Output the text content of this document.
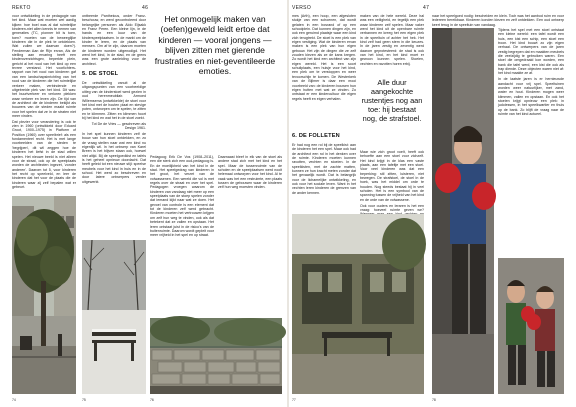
REKTO	46	VERSO	47

voor ontwikkeling in de pedagogie van het kind. Maar wat moeten wel aardig kijken: hoe boel was al dat ruimtelijke kinderen-niet allen kennis te nemen van generaties (TC, pionner bit is toen, toen? moeten van de beweeglijke kinderen die in de plek te ontdekken. Wat zullen we daarvan doen?). Fenderman Aan de Rijn ervan, Als de stelling aan ervaring heeft een kinderoverzichtsgev, beperkte plein, gericht al het rood van het kind op een tevree verstand. Het voorlichters-rapport van het rood van kinderen gaf van een landschapsinrichting van het rood van de kinderen die het ruimtelijke verkeer maken, verbindende en uitgebreide plek van het kind. Dit was: het buurtverkeer en verloren plekken waar verkeer en leven zijn. De tijd van de architect die de kinderen bekijkt als bouwers van de steden maakt ruimte voor het spelen dat ze in de straten niet meer vinden.

Dat plezier voor verandering is ook te zien in 1960 (ontwikkeld door Eduard Groot, 1900–1975) in Platform of Position (1960) over speelbrief: als een fundamenteel recht. Het is met lange voorbeelden van de steden te 'begrijpen', dit wil zeggen hoe de kinderen het liefst in de stad willen spelen. Het nieuwe beeld is niet alleen voor de straat, ook op de speelplaats worden de architecten ingezet, 'zonder anderen'. Daarom tot 5, voor kinderen het recht op speelveld, en leer de kinderen dat het voor de plaats die de kinderen waar zij zelf bepalen wat er gebeurt.

ontbeerde Pantheicus, onder Franz-beschouw, en werd gecontroleerd door belangrijke personen als Aldo Eijsakk en Franz Peren. Een kleine lijn, in de hands en een kuur van de kinderspeelplaatsen. In de markt om de kinder te leren, en de plaats van mensen. Om af te zijn, daarom moeten de kinderen worden uitgenodigd. Het werd het kind, in de stad, en de grens was een grote aanleiding voor de architect.

5. DE STOEL

De ontwikkeling vanuit al de uitgangspunten van een voorbeeldige uitleg van de kinderstoel werd gezien in oud herenmeubilair. Armoed Willemsema (ontwikkelde) de stoel voor het kind met de houten plaat en stevige poten, ontworpen om te spelen, te zitten en te klimmen. Zitten en klimmen hoort bij het kind en wat het in de stoel zoekt.

Tot De de Vries — geschreven als Design 1961.

In het spel kunnen kinderen zelf de bouw van hun stoel ontdekken, en zo de vraag stellen naar wat een kind nu eigenlijk wil. In het ontwerp van Karel Breen is het blijven staan ook, hoewel niet altijd. Bij de speelgoedkist en tafels is het geheel opnieuw doordacht. Dat heeft geleid tot een nieuwe stijl: speelse meubels voor het kind in huis en in de school. Het werd zo beschreven en door latere ontwerpers verder uitgewerkt.

Het onmogelijk maken van (oefen)geweld leidt ertoe dat kinderen — vooral jongens — blijven zitten met gierende frustraties en niet-geventileerde emoties.

Pedagoog Erik De Vos (1908–2011), een die sterk zich een oud-pedagoog is. En de moeilijkheid van het kind in de stad. Het speelgedrag van kinderen in het groot, het verzet van de volwassenen. Een wereld die vol is met regels over de straat en over het spel. Pedagogen vroegen waarom de kinderen van vandaag niet meer op een speelplaats van de stoep spelen zonder dat iemand kijkt naar wat ze doen. Het gevoel van controle is een element dat tot de kinderen zelf werd gebracht. Kinderen moeten het vertrouwen krijgen om zelf hun weg te vinden, ook als dat betekent dat ze vallen en opstaan. Het leren ontstaat juist in de risico's van de buitenruimte. Daarom wordt gepleit voor meer vrijheid in het spel en op straat.

Daarnaast bleef in elk van de stoel als andere stad zich met het kind en het spel. Maar de tussenruimte van de scholen en de speelplaatsen werd nooit helemaal ontworpen voor het kind. Al te vaak was het een restruimte, een plaats tussen de gebouwen waar de kinderen zelf hun weg moesten vinden.

74	75	76

mes (Arth), een hoop, een afgesloten stukje van een schoenen, dat wordt gelaten in een bosrand of op een schoolplein. Dat kunnen dingen zijn, en ook een geruimd plaatsje waar een kind zich terugtrekt. De stoel is een plek van eigen vestiging. Wat de kinderen ervan maken is een plek van hun eigen gebouw. Het zijn de dingen die ze zelf zouden kiezen als ze de kans kregen. Zo wordt het kind een architect van zijn eigen wereld. Het is een soort schuilplaats, een huisje voor het kind, een plek om te verstoppen en weer tevoorschijn te komen. De Westerkerk van de Bijlmer is daar een mooi voorbeeld van: de kinderen bouwen hun eigen hutten met wat ze vinden. Zo ontstaat er een kindercultuur die eigen regels heeft en eigen verhalen.

6. DE FOLLETEN

Er had nog een rol bij de speelkist: aan de kinderen het een spel. Maar ook had de architect een rol in het denken over de ruimte. Kinderen moeten kunnen ravotten, vechten en stoeien. In de speelkisten, met de zachte matten, kunnen ze hun kracht meten zonder dat het gevaarlijk wordt. Dat is belangrijk voor de lichamelijke ontwikkeling, en ook voor het sociale leven. Want in het vechten leren kinderen de grenzen van de ander kennen.

maken van de hele wereld. Deze hal was een veiligheid, en tegelijk een plek waar kinderen zelf spelen. Maar vaker werd het kind uit de openbare ruimte verbannen en kreeg het een eigen plek in de speeltuin of achter het hek. Het kind zelf had geen stem in die keuzes. In de jaren zestig en zeventig werd daarom geprotesteerd: de stad is ook van het kind, en het kind moet er gewoon kunnen spelen. Stoeien, vechten en ravotten horen erbij.

Alle duur aangekochte rustentjes nog aan toe: hij bestaat nog, de strafstoel.

Maar wie zich groot voelt, heeft ook behoefte aan een stoel voor zichzelf. Het kind krijgt in de klas een vaste plaats, aan een tafeltje met een stoel. Voor veel kinderen was dat een beperking: stil zitten, luisteren, niet bewegen. De strafstoel, de stoel in de hoek, was het middel om orde te houden. Nog steeds bestaat hij in veel scholen. Het is een symbool van de spanning tussen de vrijheid van het kind en de orde van de volwassene.

Ook voor ouders en leraren is het een vraag: hoeveel ruimte geven we?

naar het speelgoed nodig: bescheiden en klein. Toch was het aanbod ruim en voor iedereen bereikbaar. Kinderen konden kiezen en zelf ontdekken. Een oud ontwerp keert terug in de speeltuin van vandaag.

Tijdens het spel met een stoel ontstaat een kleine wereld: een tafel wordt een huis, een kist een schip, een stoel een troon. Het kind bouwt zo zijn eigen verhaal. De ontwerpers van de jaren zestig begrepen dat en maakten meubels die veelzijdig te gebruiken waren. Een stoel die omgedraaid kon worden, een bank die tafel werd, een kist die ook als trap diende. Deze objecten waren niet af: het kind maakte ze af.

In de laatste jaren is er hernieuwde aandacht voor vrij spel. Speeltuinen worden weer natuurlijker, met zand, water en hout. Kinderen mogen weer klimmen, vallen en opstaan. En ook het stoeien krijgt opnieuw een plek: in judolessen, in het speelkwartier en thuis op de bank. Zo blijft de vraag naar de ruimte van het kind actueel.

77	78
